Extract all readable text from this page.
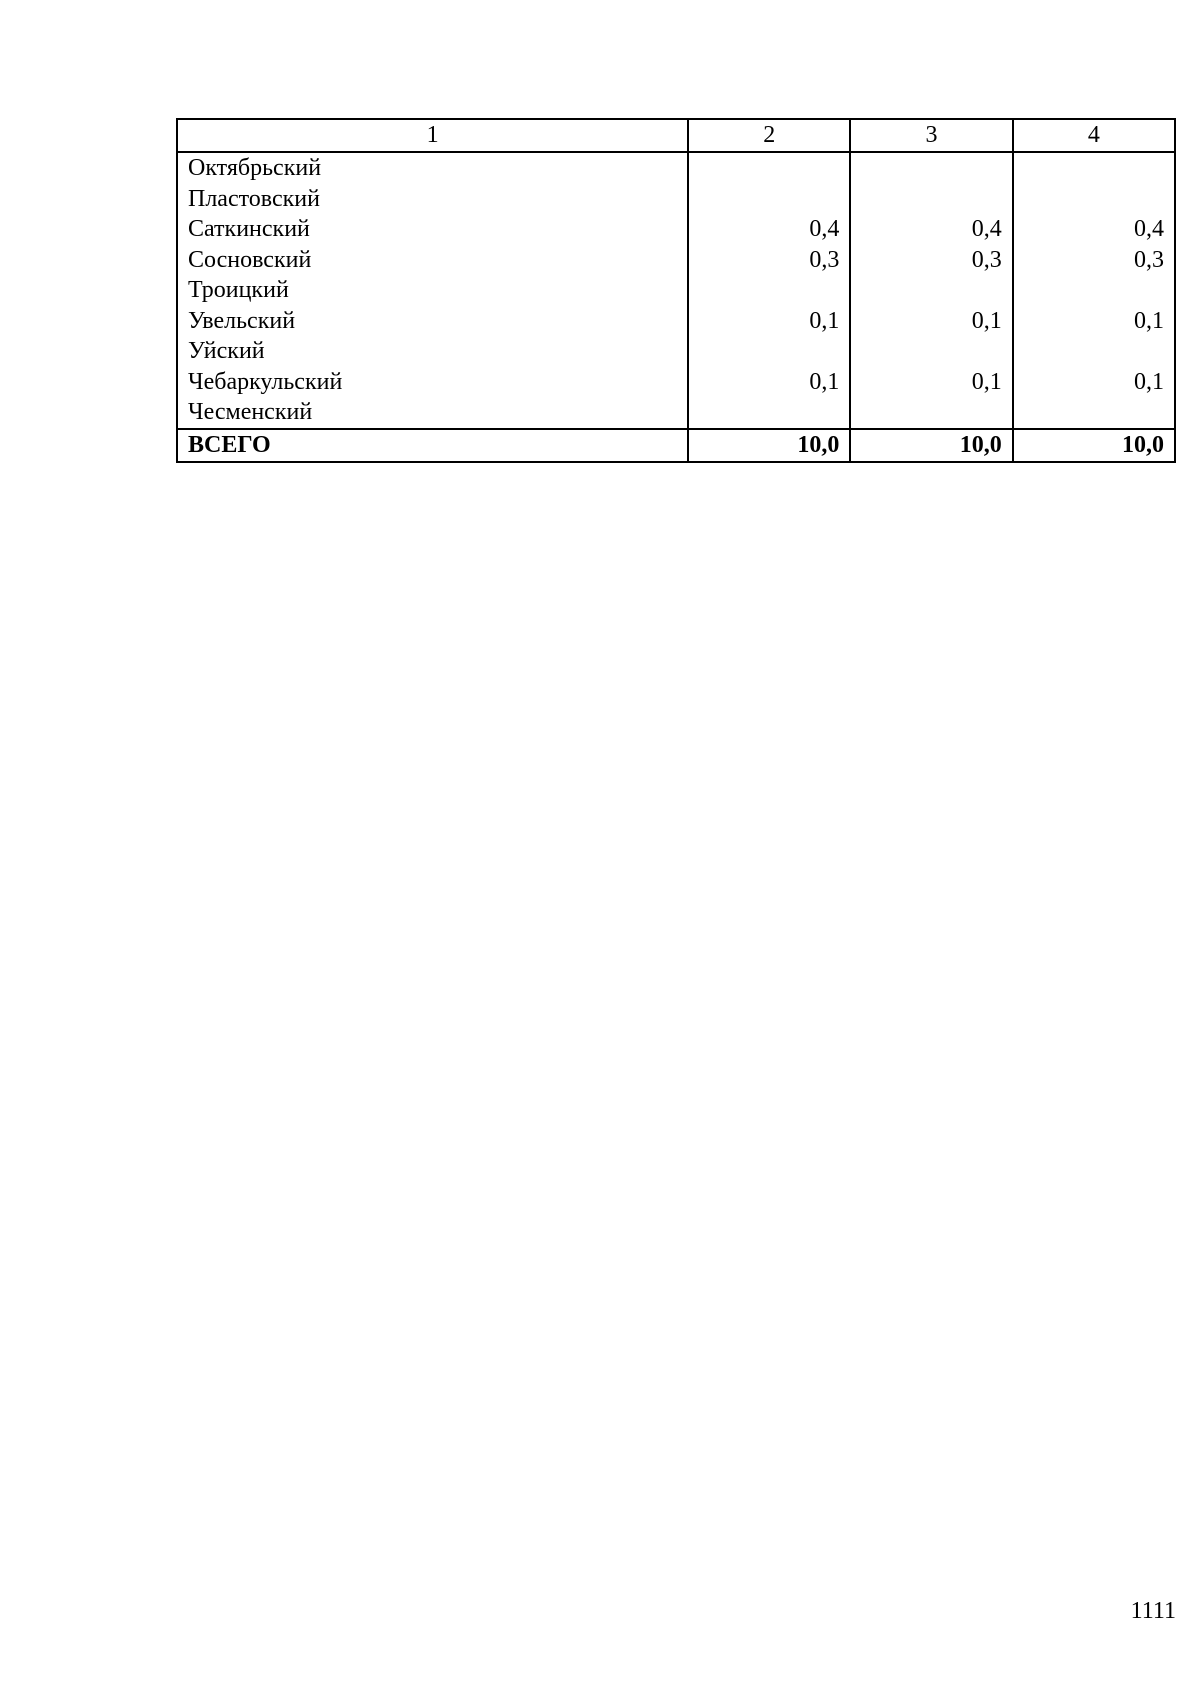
1	2	3	4
Октябрьский			
Пластовский			
Саткинский	0,4	0,4	0,4
Сосновский	0,3	0,3	0,3
Троицкий			
Увельский	0,1	0,1	0,1
Уйский			
Чебаркульский	0,1	0,1	0,1
Чесменский			
ВСЕГО	10,0	10,0	10,0
1111
